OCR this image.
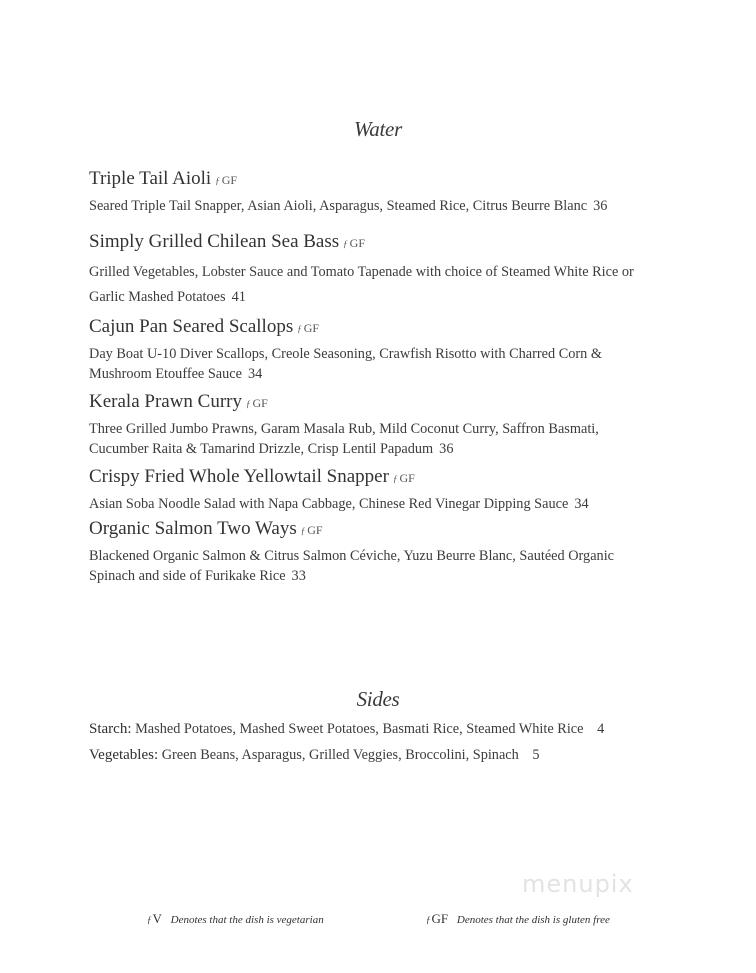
Water
Triple Tail Aioli ƒ GF
Seared Triple Tail Snapper, Asian Aioli, Asparagus, Steamed Rice, Citrus Beurre Blanc 36
Simply Grilled Chilean Sea Bass ƒ GF
Grilled Vegetables, Lobster Sauce and Tomato Tapenade with choice of Steamed White Rice or Garlic Mashed Potatoes 41
Cajun Pan Seared Scallops ƒ GF
Day Boat U-10 Diver Scallops, Creole Seasoning, Crawfish Risotto with Charred Corn & Mushroom Etouffee Sauce 34
Kerala Prawn Curry ƒ GF
Three Grilled Jumbo Prawns, Garam Masala Rub, Mild Coconut Curry, Saffron Basmati, Cucumber Raita & Tamarind Drizzle, Crisp Lentil Papadum 36
Crispy Fried Whole Yellowtail Snapper ƒ GF
Asian Soba Noodle Salad with Napa Cabbage, Chinese Red Vinegar Dipping Sauce 34
Organic Salmon Two Ways ƒ GF
Blackened Organic Salmon & Citrus Salmon Céviche, Yuzu Beurre Blanc, Sautéed Organic Spinach and side of Furikake Rice 33
Sides
Starch: Mashed Potatoes, Mashed Sweet Potatoes, Basmati Rice, Steamed White Rice 4
Vegetables: Green Beans, Asparagus, Grilled Veggies, Broccolini, Spinach 5
menupix
ƒV Denotes that the dish is vegetarian	ƒGF Denotes that the dish is gluten free
